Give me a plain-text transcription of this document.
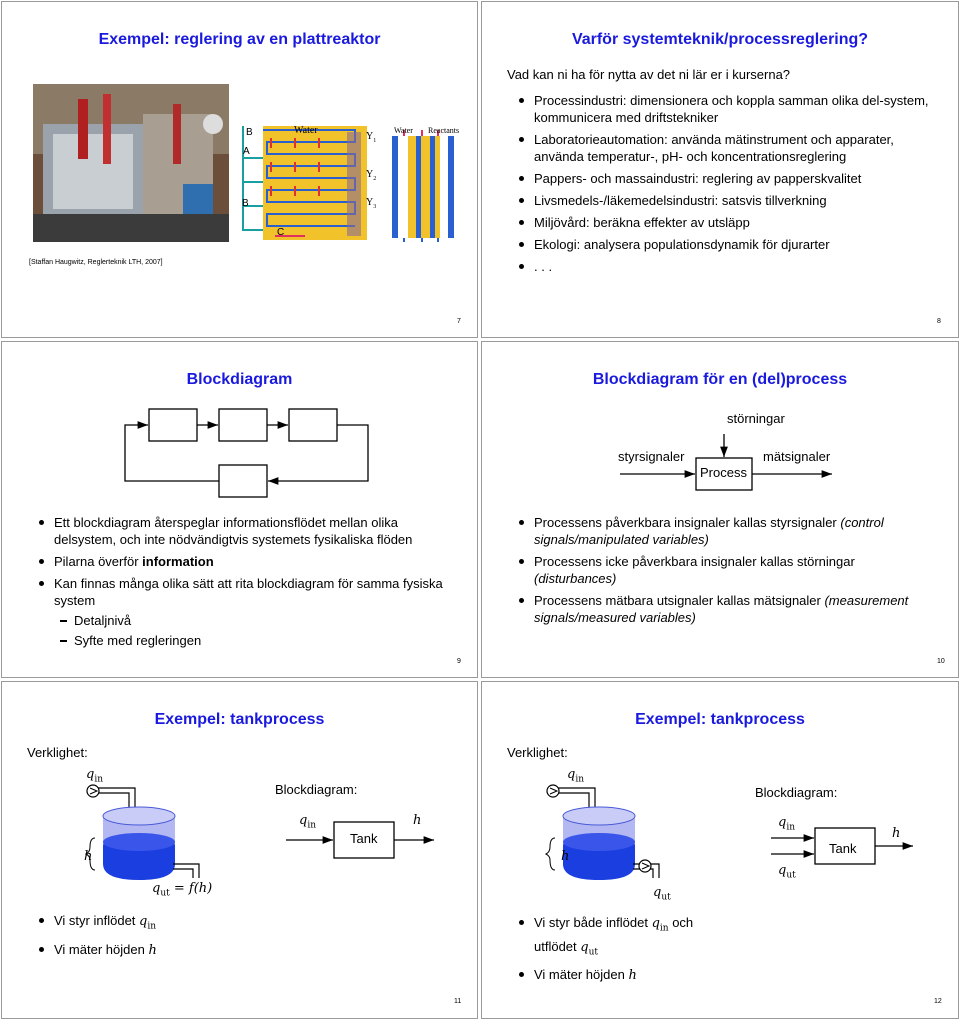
Exempel: reglering av en plattreaktor
[Staffan Haugwitz, Reglerteknik LTH, 2007]
B
A
B
C
Water
$Y_1$
$Y_2$
$Y_3$
Water Reactants
7
Varför systemteknik/processreglering?
Vad kan ni ha för nytta av det ni lär er i kurserna?
Processindustri: dimensionera och koppla samman olika del-system, kommunicera med driftstekniker
Laboratorieautomation: använda mätinstrument och apparater, använda temperatur-, pH- och koncentrationsreglering
Pappers- och massaindustri: reglering av papperskvalitet
Livsmedels-/läkemedelsindustri: satsvis tillverkning
Miljövård: beräkna effekter av utsläpp
Ekologi: analysera populationsdynamik för djurarter
. . .
8
Blockdiagram
Ett blockdiagram återspeglar informationsflödet mellan olika delsystem, och inte nödvändigtvis systemets fysikaliska flöden
Pilarna överför information
Kan finnas många olika sätt att rita blockdiagram för samma fysiska system
Detaljnivå
Syfte med regleringen
9
Blockdiagram för en (del)process
störningar
styrsignaler	mätsignaler
Process
Processens påverkbara insignaler kallas styrsignaler (control signals/manipulated variables)
Processens icke påverkbara insignaler kallas störningar (disturbances)
Processens mätbara utsignaler kallas mätsignaler (measurement signals/measured variables)
10
Exempel: tankprocess
Verklighet:
Blockdiagram:
$q_{in}$
h
$q_{ut} = f(h)$
$q_{in}$
Tank
h
Vi styr inflödet $q_{in}$
Vi mäter höjden h
11
Exempel: tankprocess
Verklighet:
Blockdiagram:
$q_{in}$
h
$q_{ut}$
$q_{in}$
$q_{ut}$
Tank
h
Vi styr både inflödet $q_{in}$ och utflödet $q_{ut}$
Vi mäter höjden h
12
